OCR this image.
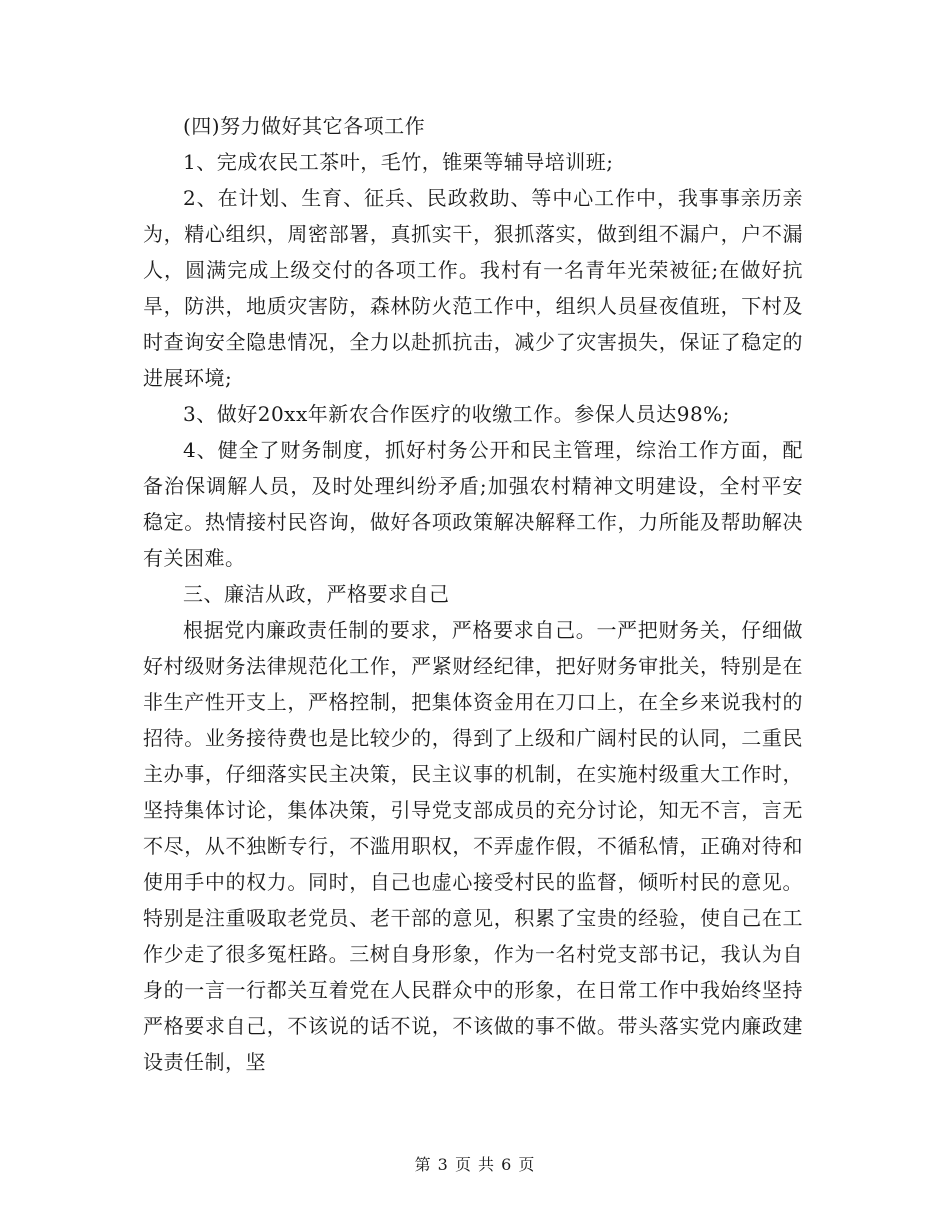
(四)努力做好其它各项工作

1、完成农民工茶叶，毛竹，锥栗等辅导培训班;

2、在计划、生育、征兵、民政救助、等中心工作中，我事事亲历亲为，精心组织，周密部署，真抓实干，狠抓落实，做到组不漏户，户不漏人，圆满完成上级交付的各项工作。我村有一名青年光荣被征;在做好抗旱，防洪，地质灾害防，森林防火范工作中，组织人员昼夜值班，下村及时查询安全隐患情况，全力以赴抓抗击，减少了灾害损失，保证了稳定的进展环境;

3、做好20xx年新农合作医疗的收缴工作。参保人员达98%;

4、健全了财务制度，抓好村务公开和民主管理，综治工作方面，配备治保调解人员，及时处理纠纷矛盾;加强农村精神文明建设，全村平安稳定。热情接村民咨询，做好各项政策解决解释工作，力所能及帮助解决有关困难。

三、廉洁从政，严格要求自己

根据党内廉政责任制的要求，严格要求自己。一严把财务关，仔细做好村级财务法律规范化工作，严紧财经纪律，把好财务审批关，特别是在非生产性开支上，严格控制，把集体资金用在刀口上，在全乡来说我村的招待。业务接待费也是比较少的，得到了上级和广阔村民的认同，二重民主办事，仔细落实民主决策，民主议事的机制，在实施村级重大工作时，坚持集体讨论，集体决策，引导党支部成员的充分讨论，知无不言，言无不尽，从不独断专行，不滥用职权，不弄虚作假，不循私情，正确对待和使用手中的权力。同时，自己也虚心接受村民的监督，倾听村民的意见。特别是注重吸取老党员、老干部的意见，积累了宝贵的经验，使自己在工作少走了很多冤枉路。三树自身形象，作为一名村党支部书记，我认为自身的一言一行都关互着党在人民群众中的形象，在日常工作中我始终坚持严格要求自己，不该说的话不说，不该做的事不做。带头落实党内廉政建设责任制，坚

第 3 页 共 6 页
